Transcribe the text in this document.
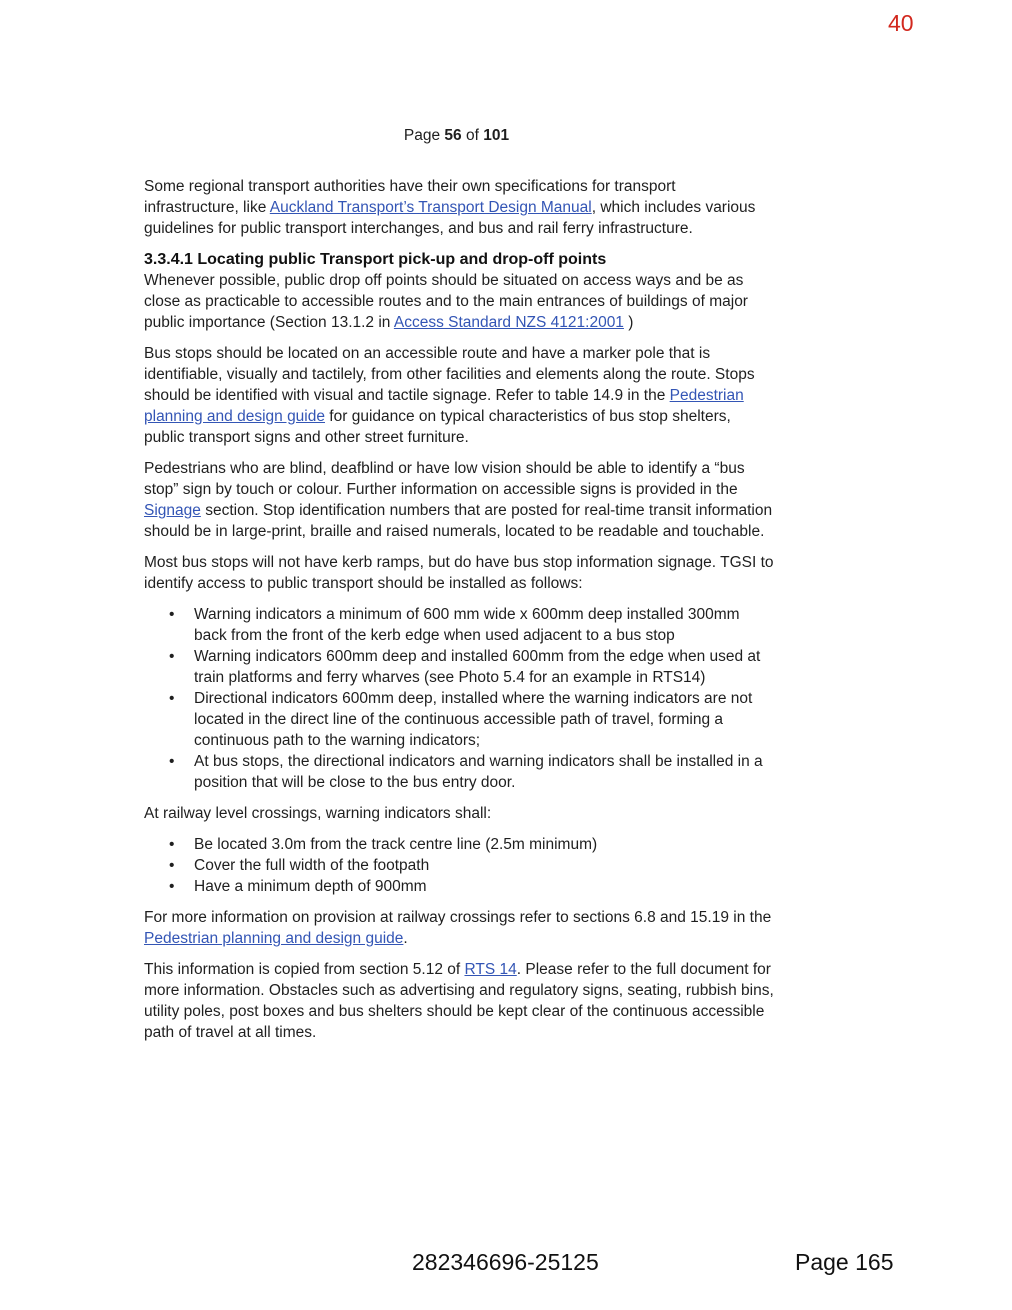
40
Page 56 of 101

Some regional transport authorities have their own specifications for transport infrastructure, like Auckland Transport’s Transport Design Manual, which includes various guidelines for public transport interchanges, and bus and rail ferry infrastructure.

3.3.4.1 Locating public Transport pick-up and drop-off points

Whenever possible, public drop off points should be situated on access ways and be as close as practicable to accessible routes and to the main entrances of buildings of major public importance (Section 13.1.2 in Access Standard NZS 4121:2001 )

Bus stops should be located on an accessible route and have a marker pole that is identifiable, visually and tactilely, from other facilities and elements along the route. Stops should be identified with visual and tactile signage. Refer to table 14.9 in the Pedestrian planning and design guide for guidance on typical characteristics of bus stop shelters, public transport signs and other street furniture.

Pedestrians who are blind, deafblind or have low vision should be able to identify a “bus stop” sign by touch or colour. Further information on accessible signs is provided in the Signage section. Stop identification numbers that are posted for real-time transit information should be in large-print, braille and raised numerals, located to be readable and touchable.

Most bus stops will not have kerb ramps, but do have bus stop information signage. TGSI to identify access to public transport should be installed as follows:

• Warning indicators a minimum of 600 mm wide x 600mm deep installed 300mm back from the front of the kerb edge when used adjacent to a bus stop
• Warning indicators 600mm deep and installed 600mm from the edge when used at train platforms and ferry wharves (see Photo 5.4 for an example in RTS14)
• Directional indicators 600mm deep, installed where the warning indicators are not located in the direct line of the continuous accessible path of travel, forming a continuous path to the warning indicators;
• At bus stops, the directional indicators and warning indicators shall be installed in a position that will be close to the bus entry door.

At railway level crossings, warning indicators shall:

• Be located 3.0m from the track centre line (2.5m minimum)
• Cover the full width of the footpath
• Have a minimum depth of 900mm

For more information on provision at railway crossings refer to sections 6.8 and 15.19 in the Pedestrian planning and design guide.

This information is copied from section 5.12 of RTS 14. Please refer to the full document for more information. Obstacles such as advertising and regulatory signs, seating, rubbish bins, utility poles, post boxes and bus shelters should be kept clear of the continuous accessible path of travel at all times.

282346696-25125	Page 165
